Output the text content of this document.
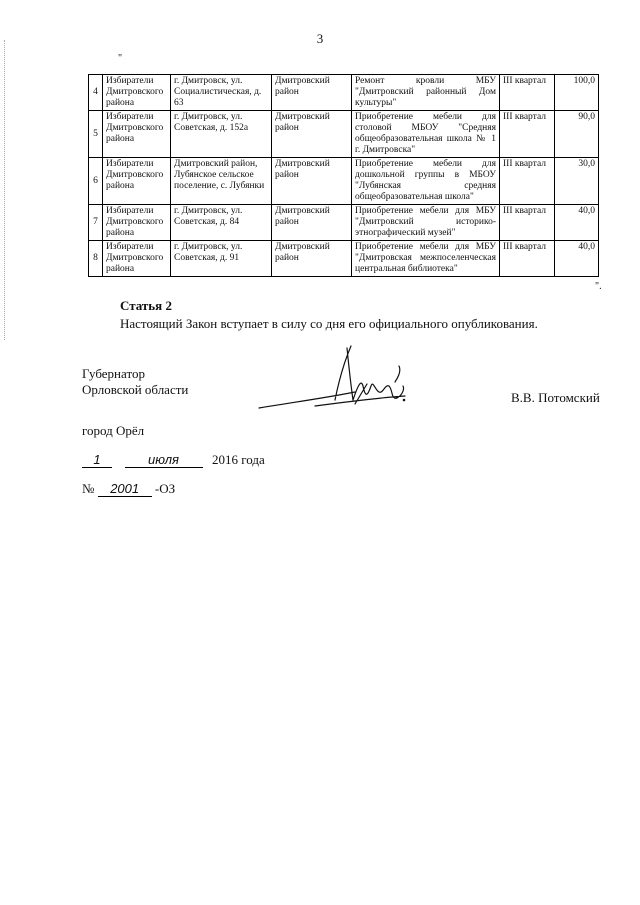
3
"
4	Избиратели Дмитровского района	г. Дмитровск, ул. Социалистическая, д. 63	Дмитровский район	Ремонт кровли МБУ "Дмитровский районный Дом культуры"	III квартал	100,0
5	Избиратели Дмитровского района	г. Дмитровск, ул. Советская, д. 152а	Дмитровский район	Приобретение мебели для столовой МБОУ "Средняя общеобразовательная школа № 1 г. Дмитровска"	III квартал	90,0
6	Избиратели Дмитровского района	Дмитровский район, Лубянское сельское поселение, с. Лубянки	Дмитровский район	Приобретение мебели для дошкольной группы в МБОУ "Лубянская средняя общеобразовательная школа"	III квартал	30,0
7	Избиратели Дмитровского района	г. Дмитровск, ул. Советская, д. 84	Дмитровский район	Приобретение мебели для МБУ "Дмитровский историко-этнографический музей"	III квартал	40,0
8	Избиратели Дмитровского района	г. Дмитровск, ул. Советская, д. 91	Дмитровский район	Приобретение мебели для МБУ "Дмитровская межпоселенческая центральная библиотека"	III квартал	40,0
".
Статья 2
Настоящий Закон вступает в силу со дня его официального опубликования.
Губернатор
Орловской области
В.В. Потомский
город Орёл
1	июля	2016 года
№ 2001 -ОЗ
